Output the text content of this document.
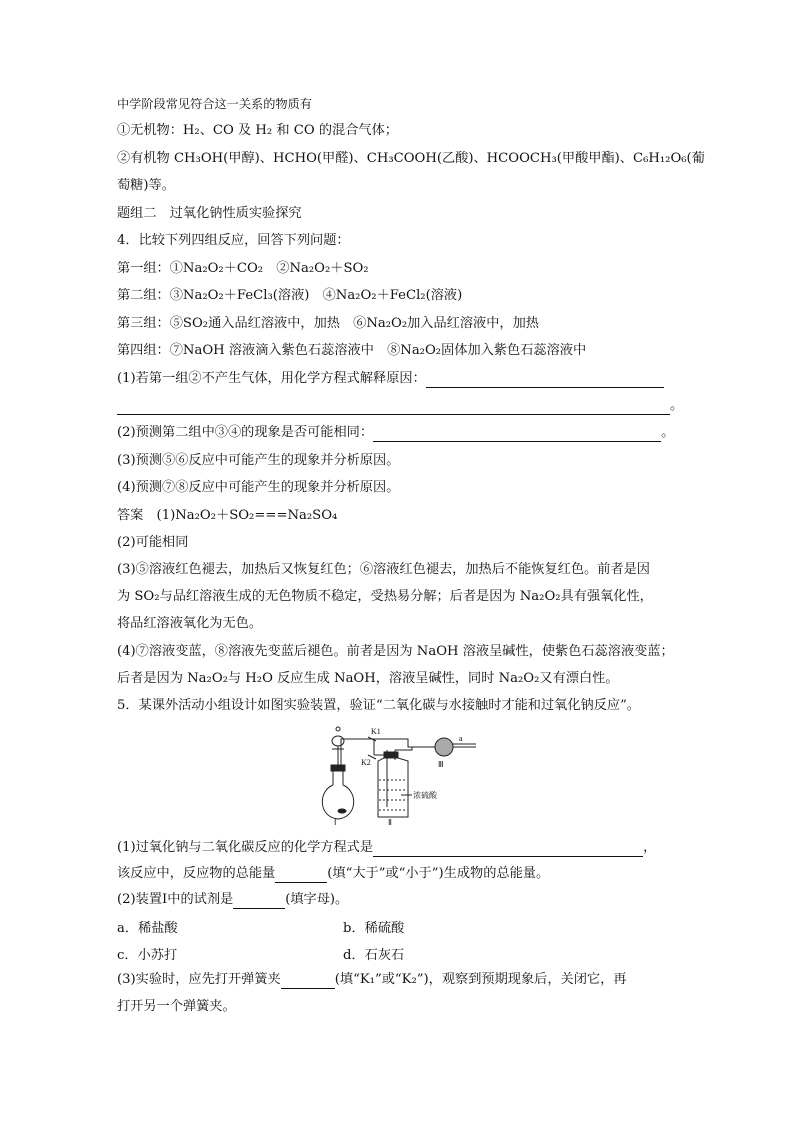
中学阶段常见符合这一关系的物质有
①无机物：H₂、CO 及 H₂ 和 CO 的混合气体；
②有机物 CH₃OH(甲醇)、HCHO(甲醛)、CH₃COOH(乙酸)、HCOOCH₃(甲酸甲酯)、C₆H₁₂O₆(葡
萄糖)等。
题组二　过氧化钠性质实验探究
4．比较下列四组反应，回答下列问题：
第一组：①Na₂O₂＋CO₂　②Na₂O₂＋SO₂
第二组：③Na₂O₂＋FeCl₃(溶液)　④Na₂O₂＋FeCl₂(溶液)
第三组：⑤SO₂通入品红溶液中，加热　⑥Na₂O₂加入品红溶液中，加热
第四组：⑦NaOH 溶液滴入紫色石蕊溶液中　⑧Na₂O₂固体加入紫色石蕊溶液中
(1)若第一组②不产生气体，用化学方程式解释原因：
。
(2)预测第二组中③④的现象是否可能相同：	。
(3)预测⑤⑥反应中可能产生的现象并分析原因。
(4)预测⑦⑧反应中可能产生的现象并分析原因。
答案　(1)Na₂O₂＋SO₂===Na₂SO₄
(2)可能相同
(3)⑤溶液红色褪去，加热后又恢复红色；⑥溶液红色褪去，加热后不能恢复红色。前者是因
为 SO₂与品红溶液生成的无色物质不稳定，受热易分解；后者是因为 Na₂O₂具有强氧化性，
将品红溶液氧化为无色。
(4)⑦溶液变蓝，⑧溶液先变蓝后褪色。前者是因为 NaOH 溶液呈碱性，使紫色石蕊溶液变蓝；
后者是因为 Na₂O₂与 H₂O 反应生成 NaOH，溶液呈碱性，同时 Na₂O₂又有漂白性。
5．某课外活动小组设计如图实验装置，验证“二氧化碳与水接触时才能和过氧化钠反应”。
K1
K2
a
浓硫酸
Ⅰ	Ⅱ
Ⅲ
(1)过氧化钠与二氧化碳反应的化学方程式是	，
该反应中，反应物的总能量	(填“大于”或“小于”)生成物的总能量。
(2)装置Ⅰ中的试剂是	(填字母)。
a．稀盐酸	b．稀硫酸
c．小苏打	d．石灰石
(3)实验时，应先打开弹簧夹	(填“K₁”或“K₂”)，观察到预期现象后，关闭它，再
打开另一个弹簧夹。
